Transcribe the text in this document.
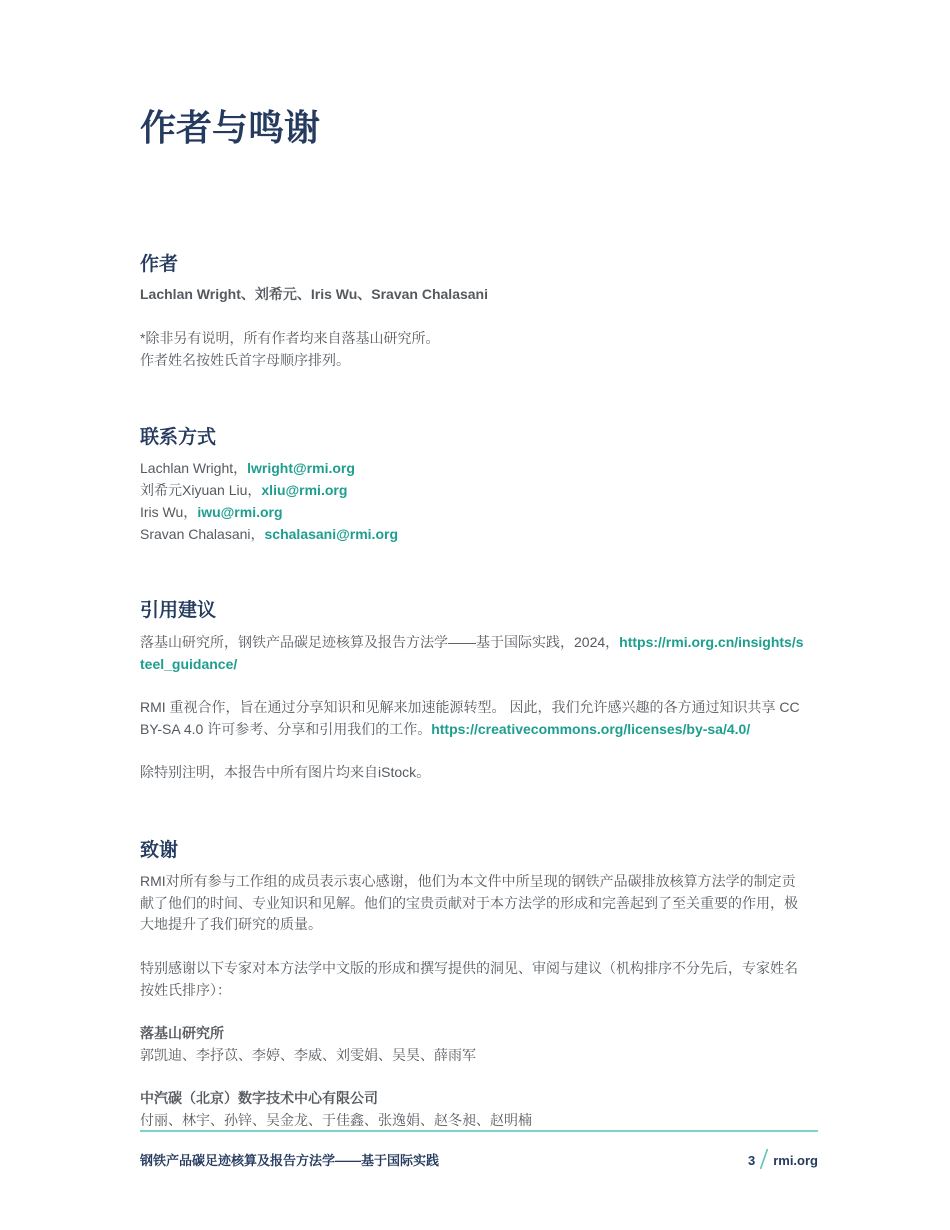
作者与鸣谢
作者

Lachlan Wright、刘希元、Iris Wu、Sravan Chalasani

*除非另有说明，所有作者均来自落基山研究所。

作者姓名按姓氏首字母顺序排列。

联系方式

Lachlan Wright，lwright@rmi.org

刘希元Xiyuan Liu，xliu@rmi.org

Iris Wu，iwu@rmi.org

Sravan Chalasani，schalasani@rmi.org

引用建议

落基山研究所，钢铁产品碳足迹核算及报告方法学——基于国际实践，2024，https://rmi.org.cn/insights/steel_guidance/

RMI 重视合作，旨在通过分享知识和见解来加速能源转型。 因此，我们允许感兴趣的各方通过知识共享 CC BY-SA 4.0 许可参考、分享和引用我们的工作。https://creativecommons.org/licenses/by-sa/4.0/

除特别注明，本报告中所有图片均来自iStock。

致谢

RMI对所有参与工作组的成员表示衷心感谢，他们为本文件中所呈现的钢铁产品碳排放核算方法学的制定贡献了他们的时间、专业知识和见解。他们的宝贵贡献对于本方法学的形成和完善起到了至关重要的作用，极大地提升了我们研究的质量。

特别感谢以下专家对本方法学中文版的形成和撰写提供的洞见、审阅与建议（机构排序不分先后，专家姓名按姓氏排序）：

落基山研究所

郭凯迪、李抒苡、李婷、李威、刘雯娟、吴昊、薛雨军

中汽碳（北京）数字技术中心有限公司

付丽、林宇、孙锌、吴金龙、于佳鑫、张逸娟、赵冬昶、赵明楠

钢铁产品碳足迹核算及报告方法学——基于国际实践	3 rmi.org
